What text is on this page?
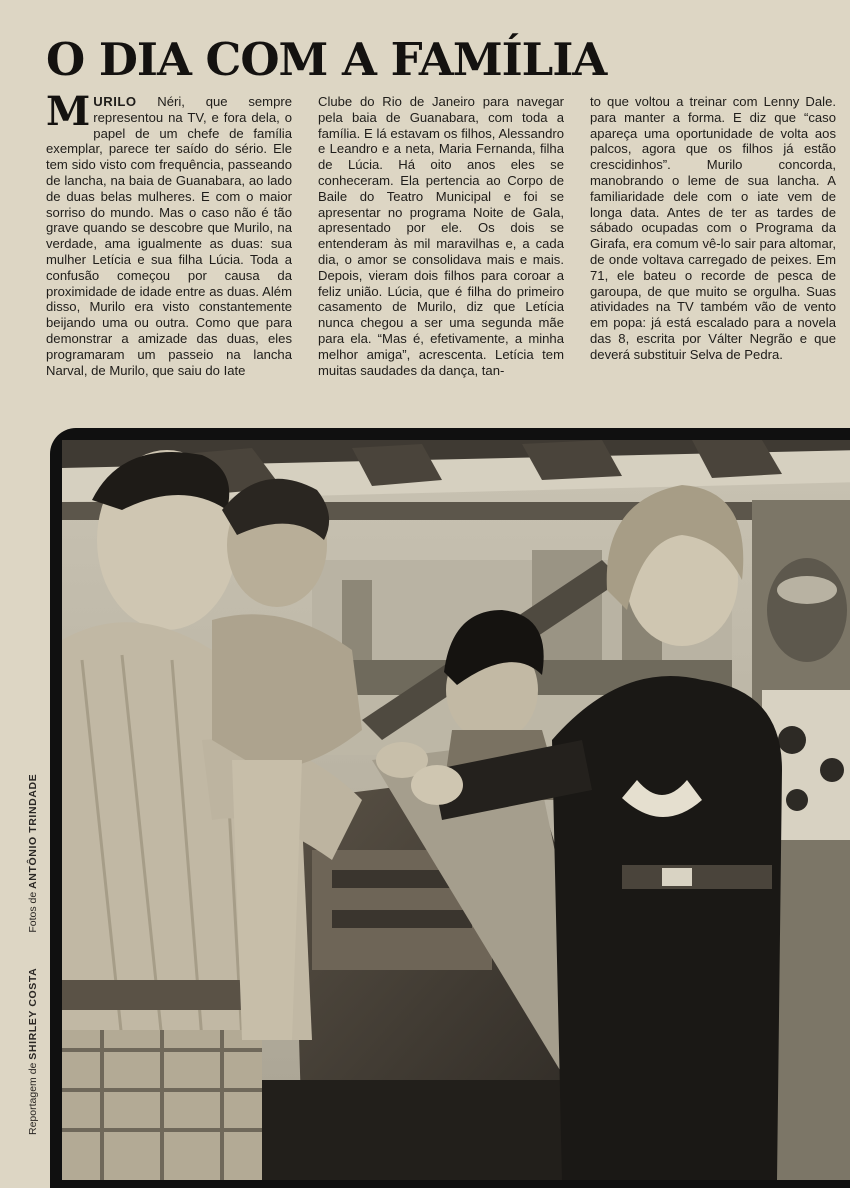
O DIA COM A FAMÍLIA
MURILO Néri, que sempre representou na TV, e fora dela, o papel de um chefe de família exemplar, parece ter saído do sério. Ele tem sido visto com frequência, passeando de lancha, na baia de Guanabara, ao lado de duas belas mulheres. E com o maior sorriso do mundo. Mas o caso não é tão grave quando se descobre que Murilo, na verdade, ama igualmente as duas: sua mulher Letícia e sua filha Lúcia. Toda a confusão começou por causa da proximidade de idade entre as duas. Além disso, Murilo era visto constantemente beijando uma ou outra. Como que para demonstrar a amizade das duas, eles programaram um passeio na lancha Narval, de Murilo, que saiu do Iate
Clube do Rio de Janeiro para navegar pela baia de Guanabara, com toda a família. E lá estavam os filhos, Alessandro e Leandro e a neta, Maria Fernanda, filha de Lúcia. Há oito anos eles se conheceram. Ela pertencia ao Corpo de Baile do Teatro Municipal e foi se apresentar no programa Noite de Gala, apresentado por ele. Os dois se entenderam às mil maravilhas e, a cada dia, o amor se consolidava mais e mais. Depois, vieram dois filhos para coroar a feliz união. Lúcia, que é filha do primeiro casamento de Murilo, diz que Letícia nunca chegou a ser uma segunda mãe para ela. “Mas é, efetivamente, a minha melhor amiga”, acrescenta. Letícia tem muitas saudades da dança, tan-
to que voltou a treinar com Lenny Dale. para manter a forma. E diz que “caso apareça uma oportunidade de volta aos palcos, agora que os filhos já estão crescidinhos”. Murilo concorda, manobrando o leme de sua lancha. A familiaridade dele com o iate vem de longa data. Antes de ter as tardes de sábado ocupadas com o Programa da Girafa, era comum vê-lo sair para altomar, de onde voltava carregado de peixes. Em 71, ele bateu o recorde de pesca de garoupa, de que muito se orgulha. Suas atividades na TV também vão de vento em popa: já está escalado para a novela das 8, escrita por Válter Negrão e que deverá substituir Selva de Pedra.
Reportagem de SHIRLEY COSTA            Fotos de ANTÔNIO TRINDADE
